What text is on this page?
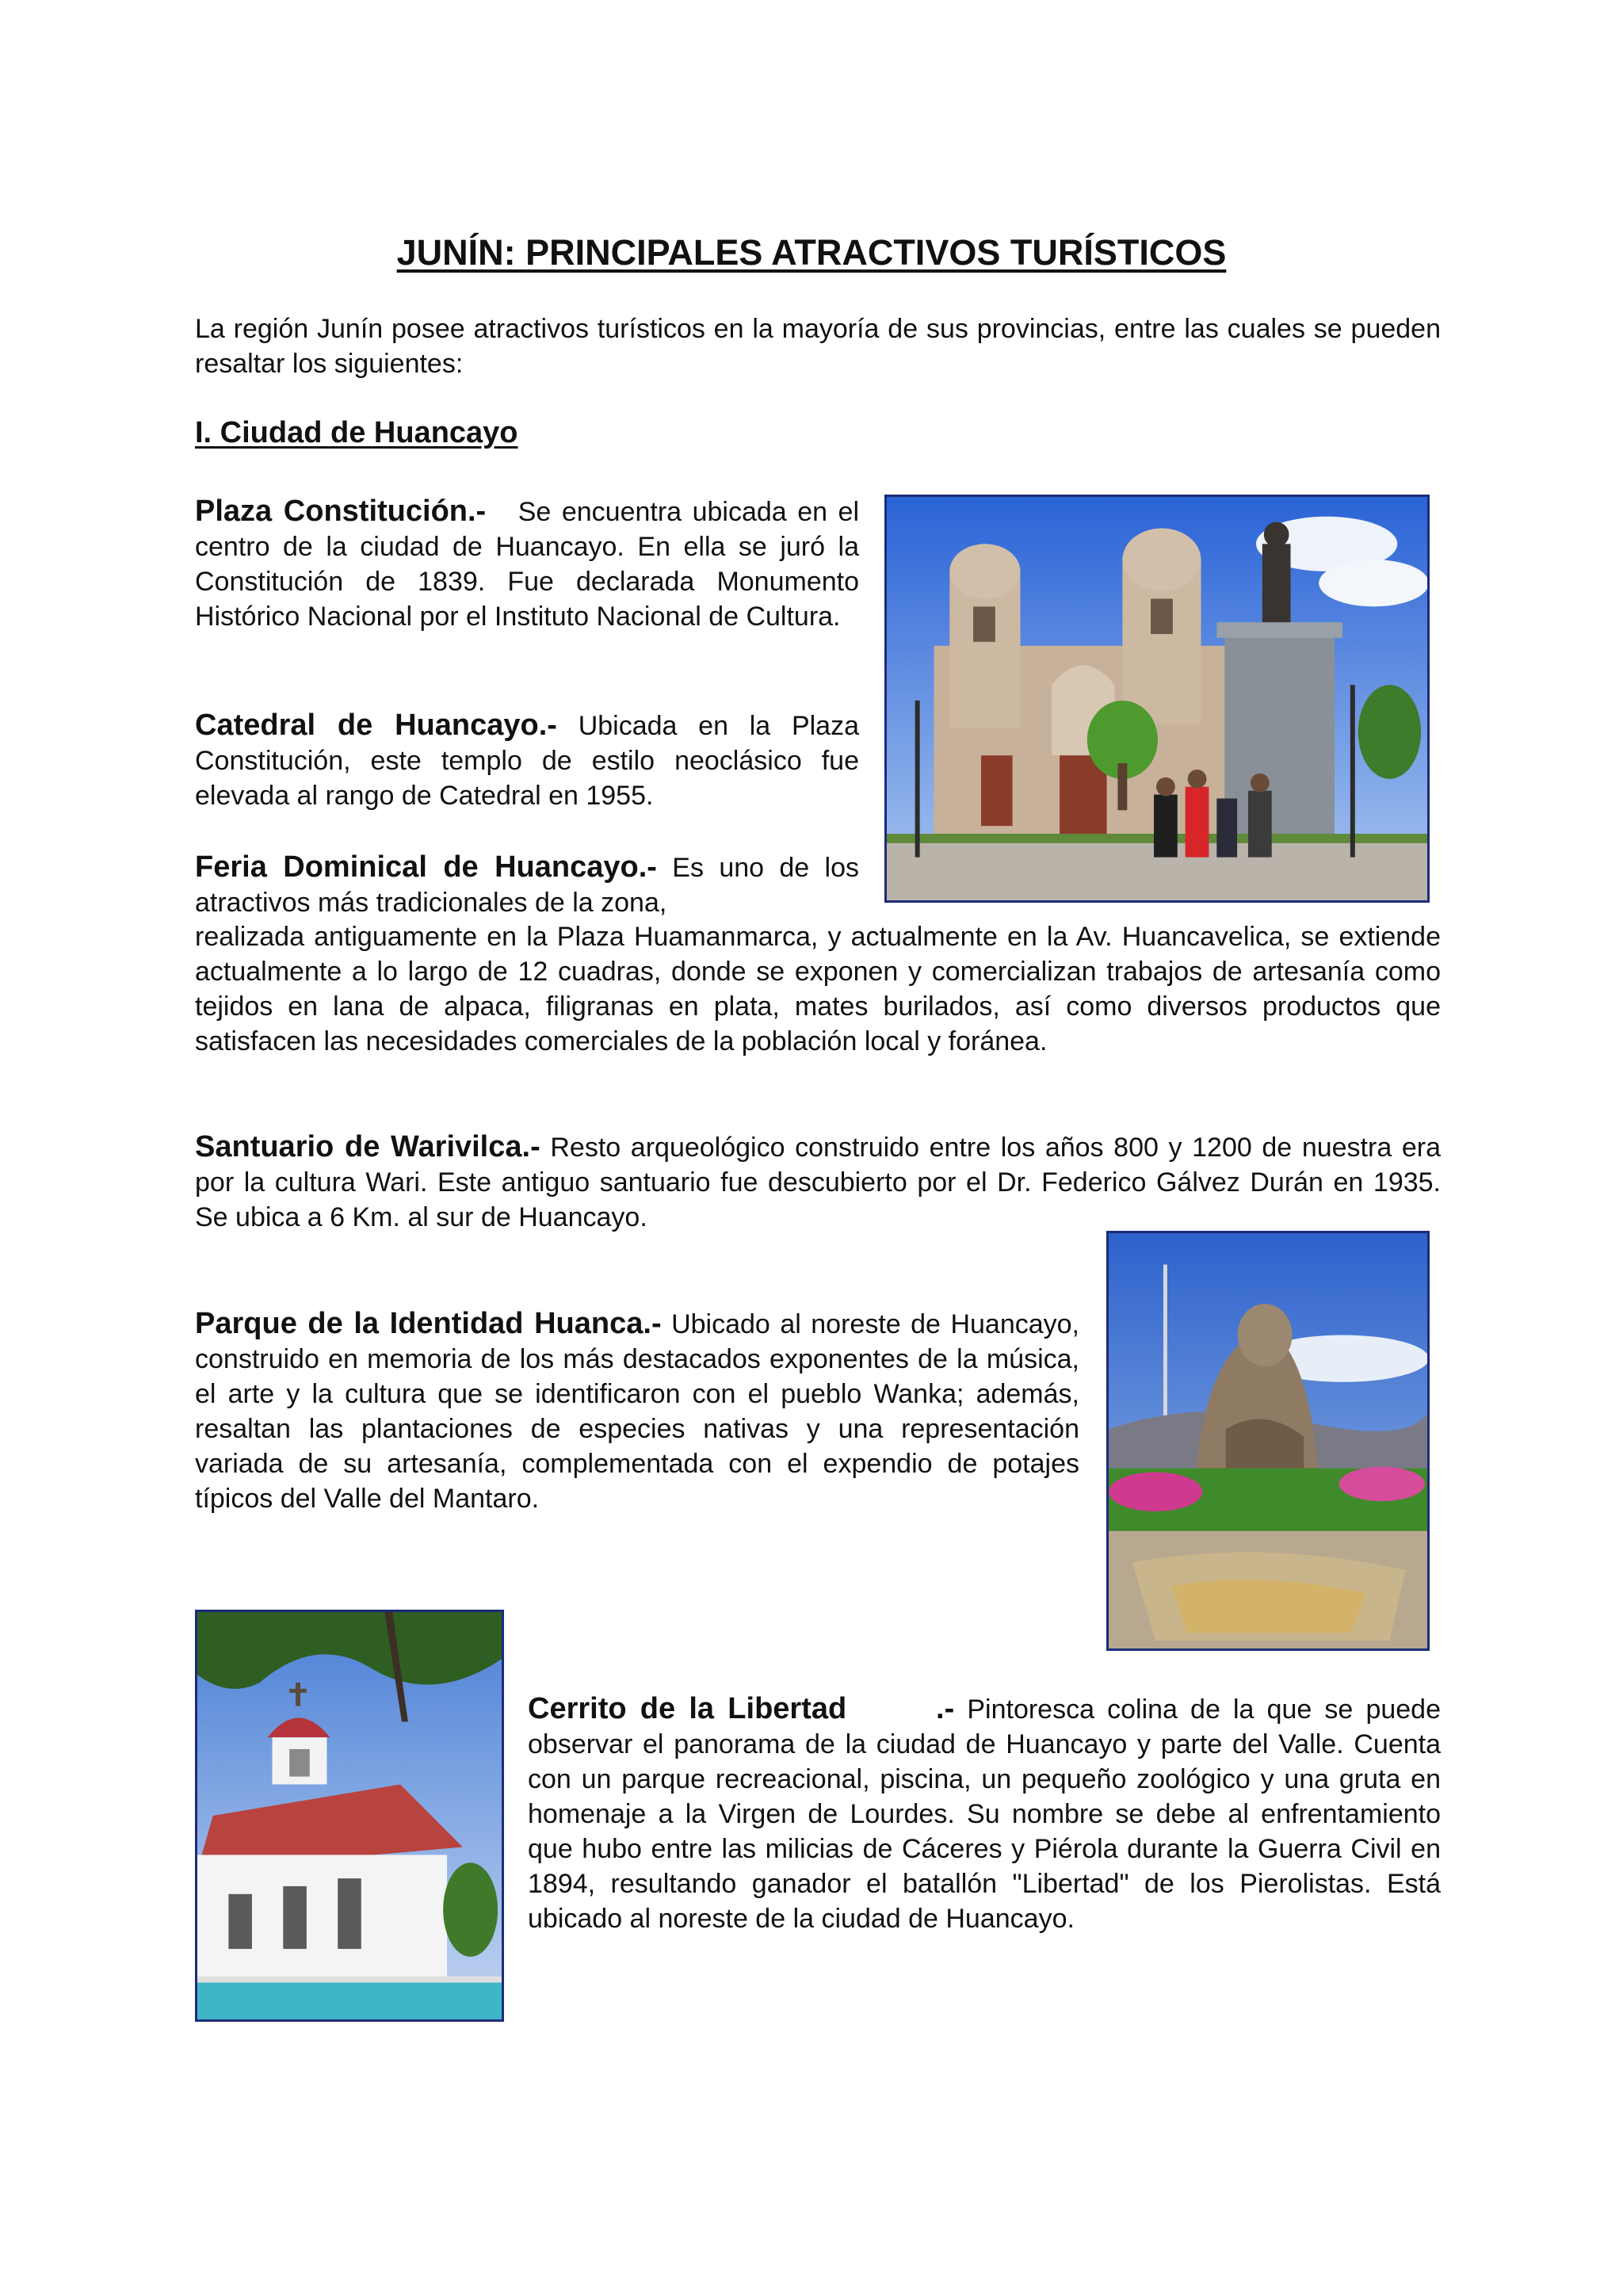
JUNÍN: PRINCIPALES ATRACTIVOS TURÍSTICOS

La región Junín posee atractivos turísticos en la mayoría de sus provincias, entre las cuales se pueden resaltar los siguientes:

I. Ciudad de Huancayo

Plaza Constitución.- Se encuentra ubicada en el centro de la ciudad de Huancayo. En ella se juró la Constitución de 1839. Fue declarada Monumento Histórico Nacional por el Instituto Nacional de Cultura.

Catedral de Huancayo.- Ubicada en la Plaza Constitución, este templo de estilo neoclásico fue elevada al rango de Catedral en 1955.

Feria Dominical de Huancayo.- Es uno de los atractivos más tradicionales de la zona,

realizada antiguamente en la Plaza Huamanmarca, y actualmente en la Av. Huancavelica, se extiende actualmente a lo largo de 12 cuadras, donde se exponen y comercializan trabajos de artesanía como tejidos en lana de alpaca, filigranas en plata, mates burilados, así como diversos productos que satisfacen las necesidades comerciales de la población local y foránea.

Santuario de Warivilca.- Resto arqueológico construido entre los años 800 y 1200 de nuestra era por la cultura Wari. Este antiguo santuario fue descubierto por el Dr. Federico Gálvez Durán en 1935. Se ubica a 6 Km. al sur de Huancayo.

Parque de la Identidad Huanca.- Ubicado al noreste de Huancayo, construido en memoria de los más destacados exponentes de la música, el arte y la cultura que se identificaron con el pueblo Wanka; además, resaltan las plantaciones de especies nativas y una representación variada de su artesanía, complementada con el expendio de potajes típicos del Valle del Mantaro.

Cerrito de la Libertad	.- Pintoresca colina de la que se puede observar el panorama de la ciudad de Huancayo y parte del Valle. Cuenta con un parque recreacional, piscina, un pequeño zoológico y una gruta en homenaje a la Virgen de Lourdes. Su nombre se debe al enfrentamiento que hubo entre las milicias de Cáceres y Piérola durante la Guerra Civil en 1894, resultando ganador el batallón "Libertad" de los Pierolistas. Está ubicado al noreste de la ciudad de Huancayo.
